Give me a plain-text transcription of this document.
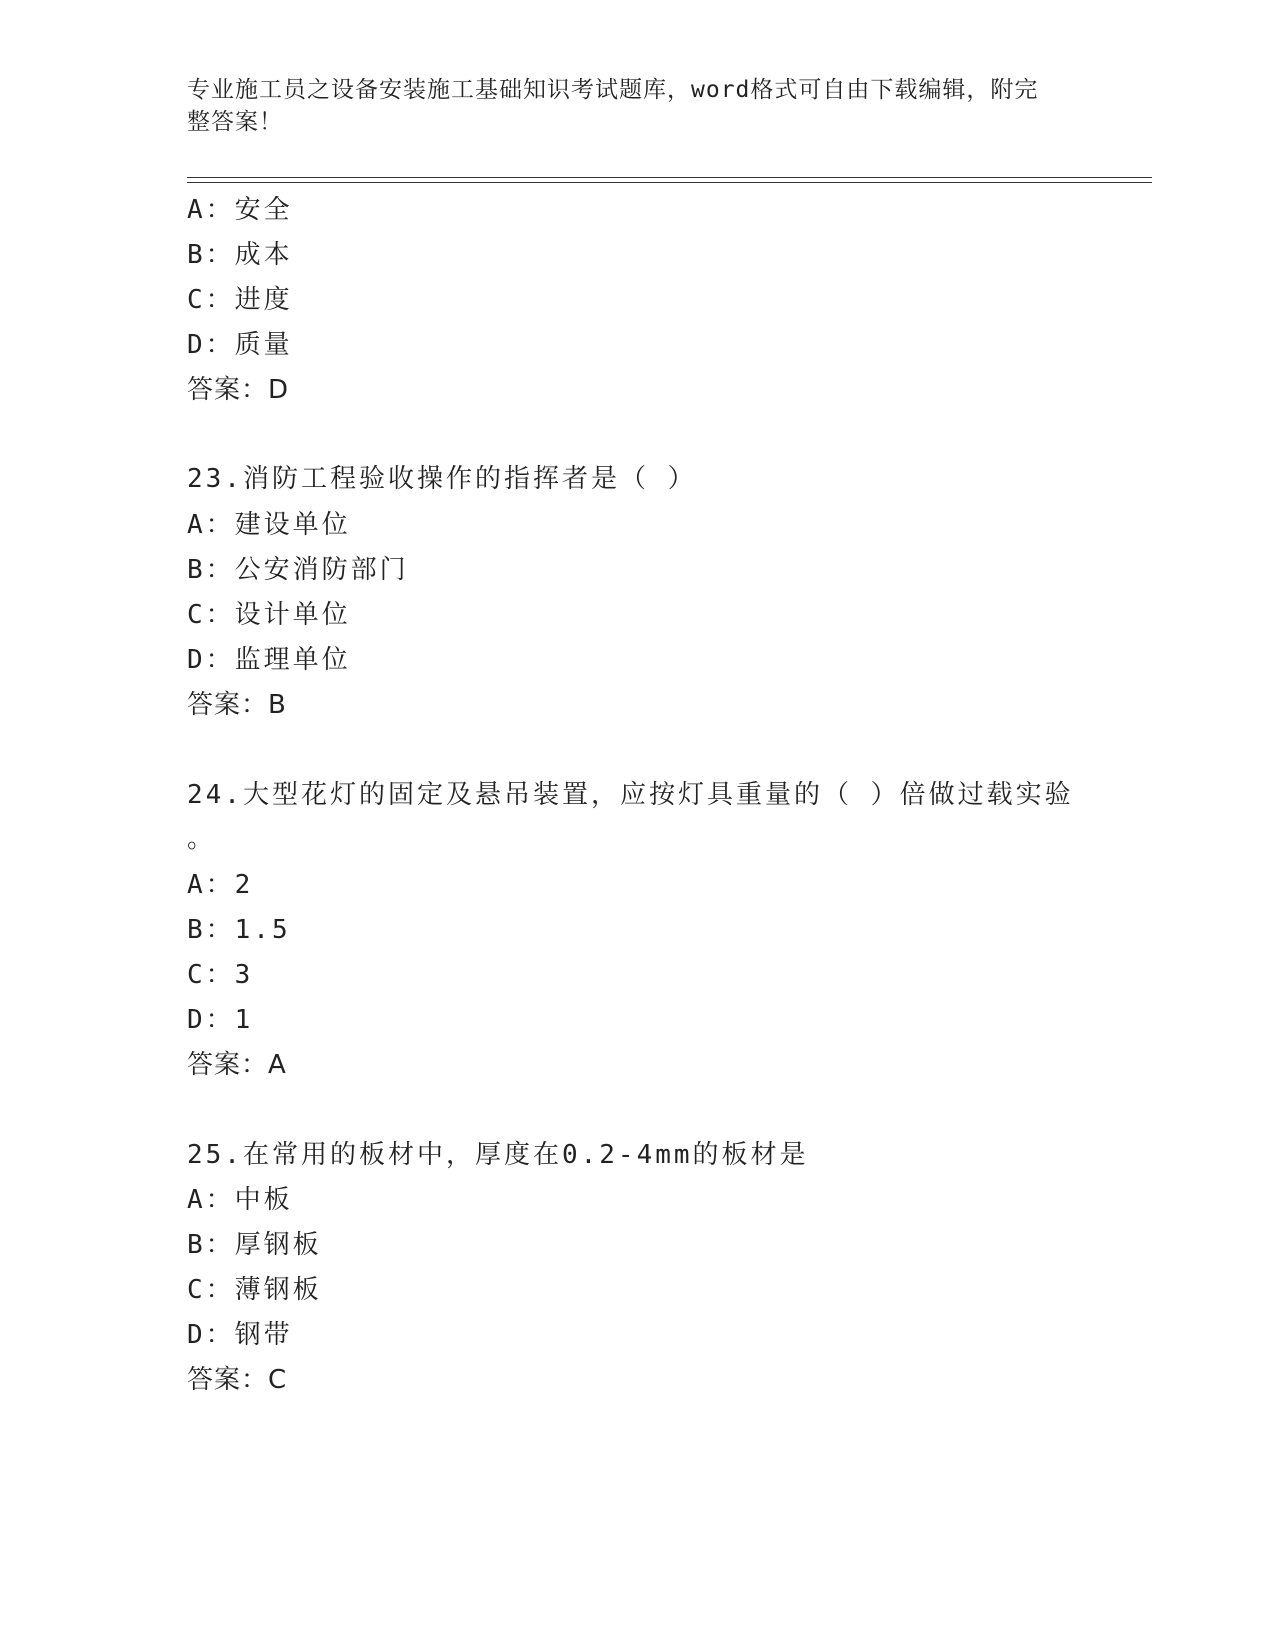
专业施工员之设备安装施工基础知识考试题库，word格式可自由下载编辑，附完
整答案！
A：安全
B：成本
C：进度
D：质量
答案：D
23.消防工程验收操作的指挥者是（ ）
A：建设单位
B：公安消防部门
C：设计单位
D：监理单位
答案：B
24.大型花灯的固定及悬吊装置，应按灯具重量的（ ）倍做过载实验
。
A：2
B：1.5
C：3
D：1
答案：A
25.在常用的板材中，厚度在0.2-4mm的板材是
A：中板
B：厚钢板
C：薄钢板
D：钢带
答案：C
